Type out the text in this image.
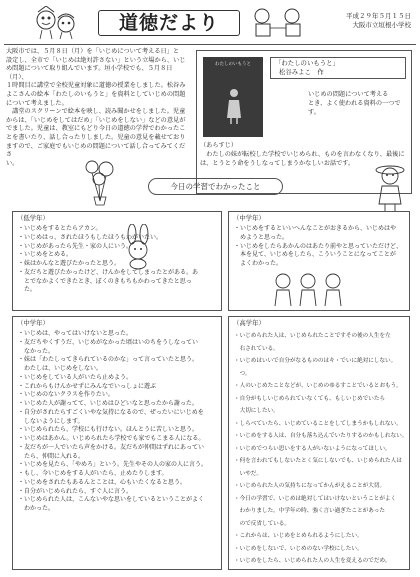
道徳だより	平成２９年５月１５日
大阪市立垣根小学校
大阪市では、５月８日（月）を「いじめについて考える日」と
設定し、全市で「いじめは絶対許さない」という立場から、いじ
め問題について取り組んでいます。垣小学校でも、５月８日（月）、
１時間目に講堂で全校児童対象に道徳の授業をしました。松谷み
よこさんの絵本「わたしのいもうと」を資料としていじめの問題
について考えました。
　講堂のスクリーンで絵本を映し、読み聞かせをしました。児童
からは、「いじめをしてはだめ」「いじめをしない」などの意見が
でました。児童は、教室にもどり今日の道徳の学習でわかったこ
とを書いたり、話し合ったりしました。児童の意見を載せており
ますので、ご家庭でもいじめの問題について話し合ってみてくださ
い。
わたしのいもうと	「わたしのいもうと」
松谷みよこ　作
いじめの問題について考える
とき、よく使われる資料の一つで
す。
（あらすじ）
　わたしの妹が転校した学校でいじめられ、ものを言わなくなり、最後に
は、とうとう命をうしなってしまうかなしいお話です。
今日の学習でわかったこと
（低学年）
・いじめをするとたらアカン。
・いじめはっ、されたほうもしたほうもわがいたい。
・いじめがあったら先生・家の人にいう。
・いじめをとめる。
・妹はかんなと遊びたかったと思う。
・友だちと遊びたかったけど、けんかをしてしまったとがある。あ
　とでなかよくできたとき、ぼくのきもちもかわってきたと思っ
　た。
（中学年）
・いじめをするといいへんなことがおきるから、いじめはや
　めようと思った。
・いじめをしたらあかんのはあたり前やと思っていただけど、
　本を見て、いじめをしたら、こういうことになってことが
　よくわかった。
（中学年）
・いじめは、やってはいけないと思った。
・友だちやくすうだ、いじめがなかった頃はいのちをうしなってい
　なかった。
・妹は「わたしってきられているのかな」って言っていたと思う。
　わたしは、いじめをしない。
・いじめをしている人がいたら止めよう。
・これからもけんかせずにみんなでいっしょに遊ぶ
・いじめのないクラスを作りたい。
・いじめた人が謝ってて、いじめはひどいなと思ったから謝った。
・自分がされたらすごくいやな気持になるので、ぜったいにいじめを
　しないようにします。
・いじめられたら、学校にも行けない。ほんとうに苦しいと思う。
・いじめはあかん。いじめられたら学校でも家でもこまる人になる。
・友だちが一人でいたら声をかける。友だちが仲間はずれにあってい
　たら、仲間に入れる。
・いじめを見たら、「やめろ」という。先生やその人の家の人に言う。
・もし、今いじめをする人がいたら、止めたりします。
・いじめをされたもあるんとことは、心もいたくなると思う。
・自分がいじめられたら、すぐ人に言う。
・いじめられた人は、こんないやな思いをしているということがよく
　わかった。
（高学年）
・いじめられた人は、いじめられたことですその後の人生を左
　右されている。
・いじめはいいで自分がなるもののはキ・でいに絶対にしない。
　つ。
・人のいじめたことなどが、いじめのゆるすことでいるとおもう。
・自分がもしいじめられていなくても、もしいじめでいたら
　大切にしたい。
・しらべていたら、いじめていることをしてしまうかもしれない。
・いじめをする人は、自分も落ち込んでいたりするのかもしれない。
・いじめでつらい思いをする人がいないようになってほしい。
・何を言われてもしないたとく気にしないでも、いじめられた人は
　いやだ。
・いじめられた人の気持ちになってかんがえることが大切。
・今日の学習で、いじめは絶対してはいけないということがよく
　わかりました。中学年の時、強く言い過ぎたことがあった
　ので反省している。
・これからは、いじめをとめられるようにしたい。
・いじめをしないで、いじめのない学校にしたい。
・いじめをしたら、いじめられた人の人生を変えるのでだめ。
